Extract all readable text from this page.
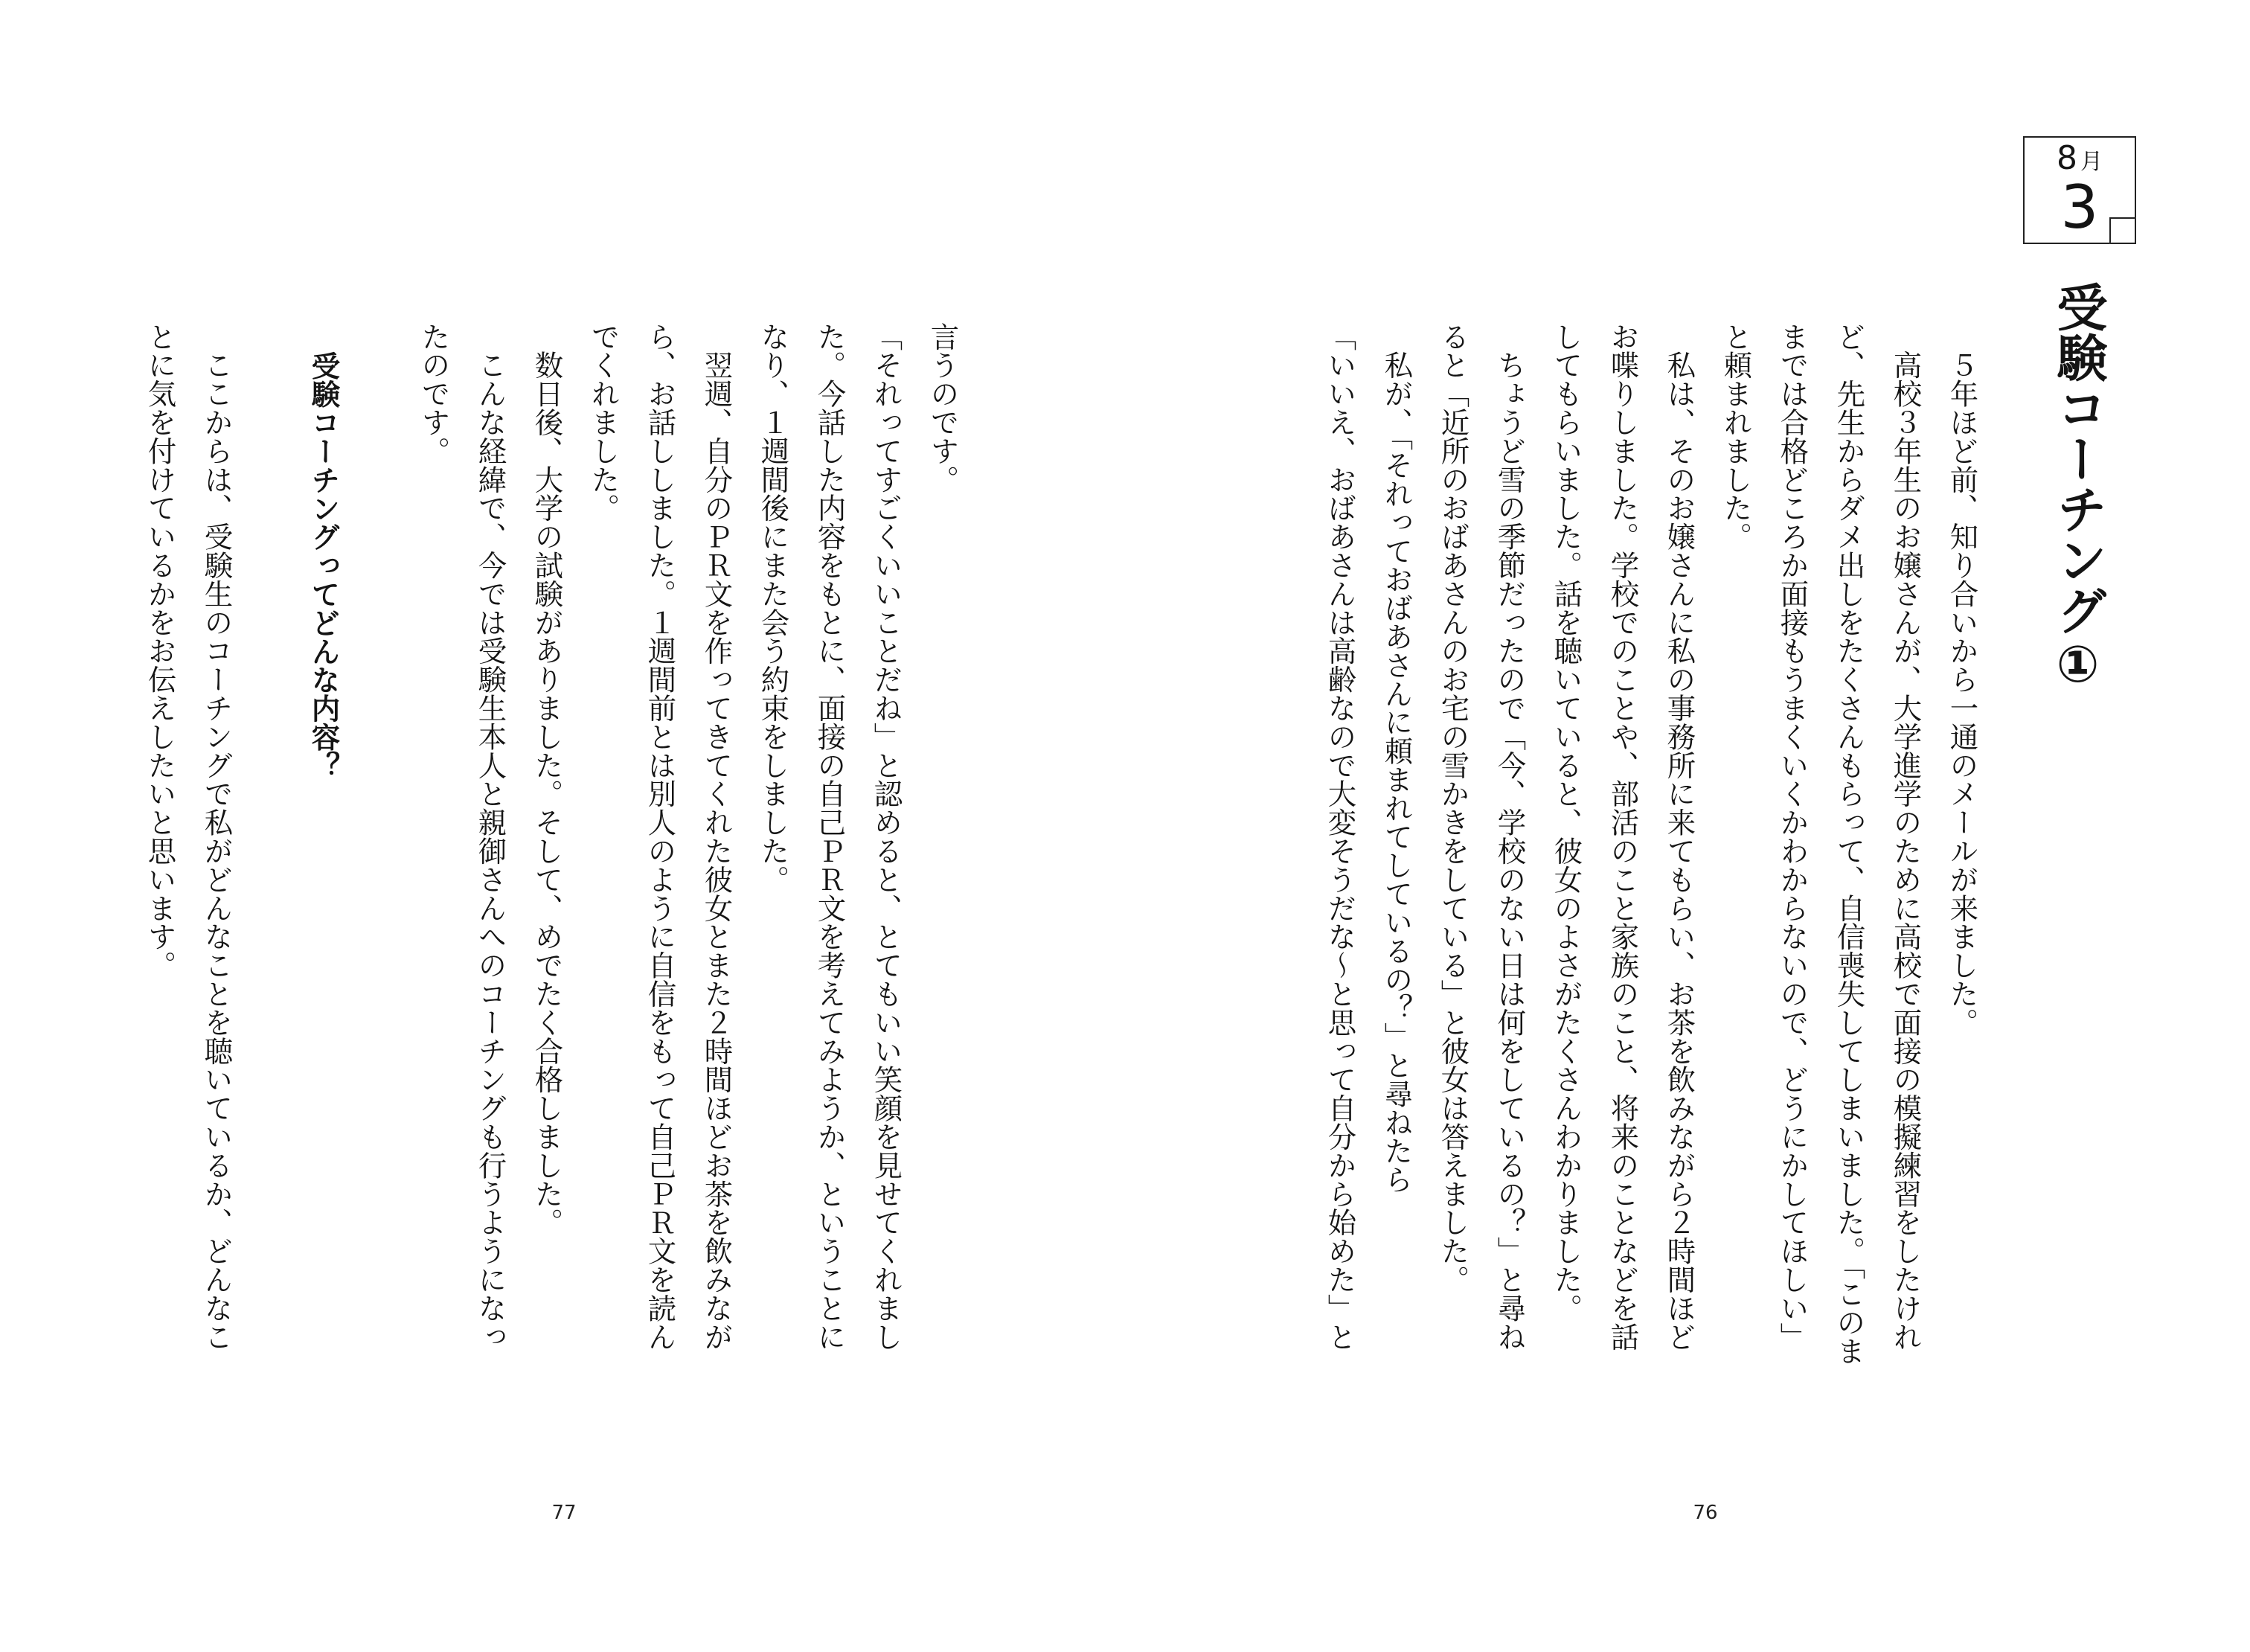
8 月
3
受験コーチング①
　５年ほど前、知り合いから一通のメールが来ました。
　高校３年生のお嬢さんが、大学進学のために高校で面接の模擬練習をしたけれ
ど、先生からダメ出しをたくさんもらって、自信喪失してしまいました。「このま
までは合格どころか面接もうまくいくかわからないので、どうにかしてほしい」
と頼まれました。
　私は、そのお嬢さんに私の事務所に来てもらい、お茶を飲みながら２時間ほど
お喋りしました。学校でのことや、部活のこと家族のこと、将来のことなどを話
してもらいました。話を聴いていると、彼女のよさがたくさんわかりました。
　ちょうど雪の季節だったので「今、学校のない日は何をしているの？」と尋ね
ると「近所のおばあさんのお宅の雪かきをしている」と彼女は答えました。
　私が、「それっておばあさんに頼まれてしているの？」と尋ねたら
「いいえ、おばあさんは高齢なので大変そうだな～と思って自分から始めた」と
76
言うのです。
「それってすごくいいことだね」と認めると、とてもいい笑顔を見せてくれまし
た。今話した内容をもとに、面接の自己ＰＲ文を考えてみようか、ということに
なり、１週間後にまた会う約束をしました。
　翌週、自分のＰＲ文を作ってきてくれた彼女とまた２時間ほどお茶を飲みなが
ら、お話ししました。１週間前とは別人のように自信をもって自己ＰＲ文を読ん
でくれました。
　数日後、大学の試験がありました。そして、めでたく合格しました。
　こんな経緯で、今では受験生本人と親御さんへのコーチングも行うようになっ
たのです。
受験コーチングってどんな内容？
　ここからは、受験生のコーチングで私がどんなことを聴いているか、どんなこ
とに気を付けているかをお伝えしたいと思います。
77
